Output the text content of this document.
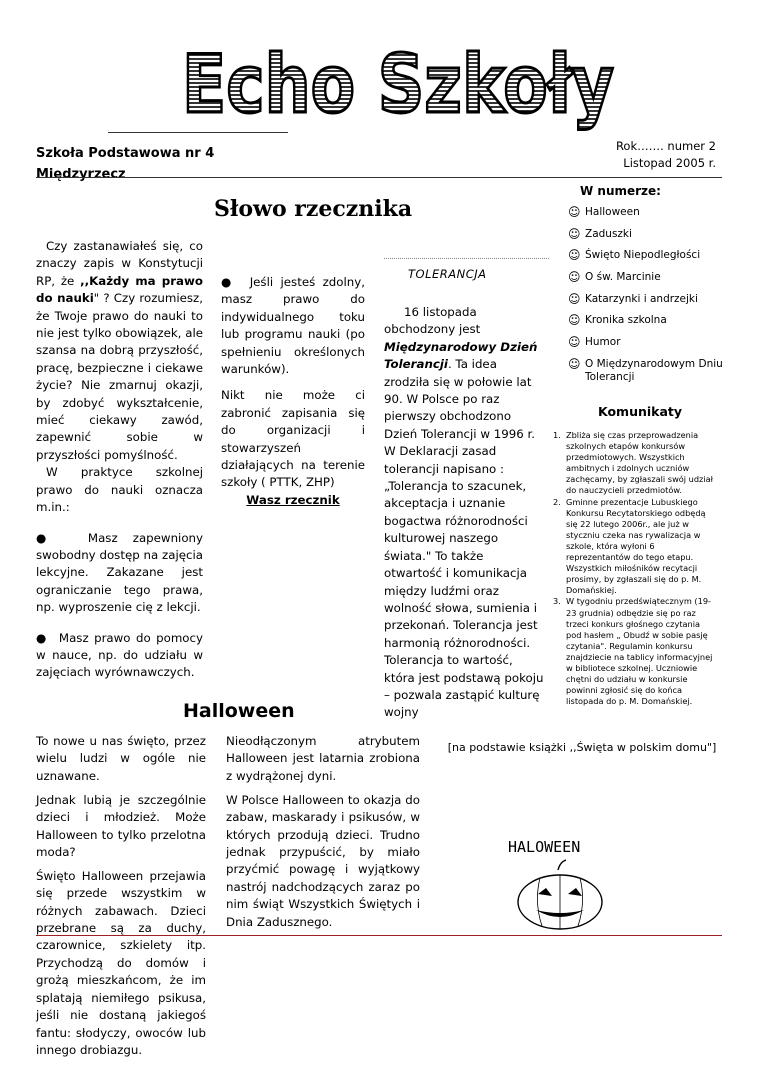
Echo Szkoły
Szkoła Podstawowa nr 4
Międzyrzecz
Rok……. numer 2
Listopad 2005 r.
W numerze:
☺ Halloween
☺ Zaduszki
☺ Święto Niepodległości
☺ O św. Marcinie
☺ Katarzynki i andrzejki
☺ Kronika szkolna
☺ Humor
☺ O Międzynarodowym Dniu Tolerancji
Słowo rzecznika

Czy zastanawiałeś się, co znaczy zapis w Konstytucji RP, że ,,Każdy ma prawo do nauki" ? Czy rozumiesz, że Twoje prawo do nauki to nie jest tylko obowiązek, ale szansa na dobrą przyszłość, pracę, bezpieczne i ciekawe życie? Nie zmarnuj okazji, by zdobyć wykształcenie, mieć ciekawy zawód, zapewnić sobie w przyszłości pomyślność.

W praktyce szkolnej prawo do nauki oznacza m.in.:

●  Masz zapewniony swobodny dostęp na zajęcia lekcyjne. Zakazane jest ograniczanie tego prawa, np. wyproszenie cię z lekcji.

●  Masz prawo do pomocy w nauce, np. do udziału w zajęciach wyrównawczych.

●  Jeśli jesteś zdolny, masz prawo do indywidualnego toku lub programu nauki (po spełnieniu określonych warunków).

Nikt nie może ci zabronić zapisania się do organizacji i stowarzyszeń działających na terenie szkoły ( PTTK, ZHP)

Wasz rzecznik

TOLERANCJA

16 listopada obchodzony jest Międzynarodowy Dzień Tolerancji. Ta idea zrodziła się w połowie lat 90. W Polsce po raz pierwszy obchodzono Dzień Tolerancji w 1996 r. W Deklaracji zasad tolerancji napisano : „Tolerancja to szacunek, akceptacja i uznanie bogactwa różnorodności kulturowej naszego świata." To także otwartość i komunikacja między ludźmi oraz wolność słowa, sumienia i przekonań. Tolerancja jest harmonią różnorodności. Tolerancja to wartość, która jest podstawą pokoju – pozwala zastąpić kulturę wojny

Komunikaty
1. Zbliża się czas przeprowadzenia szkolnych etapów konkursów przedmiotowych. Wszystkich ambitnych i zdolnych uczniów zachęcamy, by zgłaszali swój udział do nauczycieli przedmiotów.
2. Gminne prezentacje Lubuskiego Konkursu Recytatorskiego odbędą się 22 lutego 2006r., ale już w styczniu czeka nas rywalizacja w szkole, która wyłoni 6 reprezentantów do tego etapu. Wszystkich miłośników recytacji prosimy, by zgłaszali się do p. M. Domańskiej.
3. W tygodniu przedświątecznym (19-23 grudnia) odbędzie się po raz trzeci konkurs głośnego czytania pod hasłem „ Obudź w sobie pasję czytania". Regulamin konkursu znajdziecie na tablicy informacyjnej w bibliotece szkolnej. Uczniowie chętni do udziału w konkursie powinni zgłosić się do końca listopada do p. M. Domańskiej.
Halloween

To nowe u nas święto, przez wielu ludzi w ogóle nie uznawane.

Jednak lubią je szczególnie dzieci i młodzież. Może Halloween to tylko przelotna moda?

Święto Halloween przejawia się przede wszystkim w różnych zabawach. Dzieci przebrane są za duchy, czarownice, szkielety itp. Przychodzą do domów i grożą mieszkańcom, że im splatają niemiłego psikusa, jeśli nie dostaną jakiegoś fantu: słodyczy, owoców lub innego drobiazgu.

Nieodłączonym atrybutem Halloween jest latarnia zrobiona z wydrążonej dyni.

W Polsce Halloween to okazja do zabaw, maskarady i psikusów, w których przodują dzieci. Trudno jednak przypuścić, by miało przyćmić powagę i wyjątkowy nastrój nadchodzących zaraz po nim świąt Wszystkich Świętych i Dnia Zadusznego.

[na podstawie książki ,,Święta w polskim domu"]

HALOWEEN
